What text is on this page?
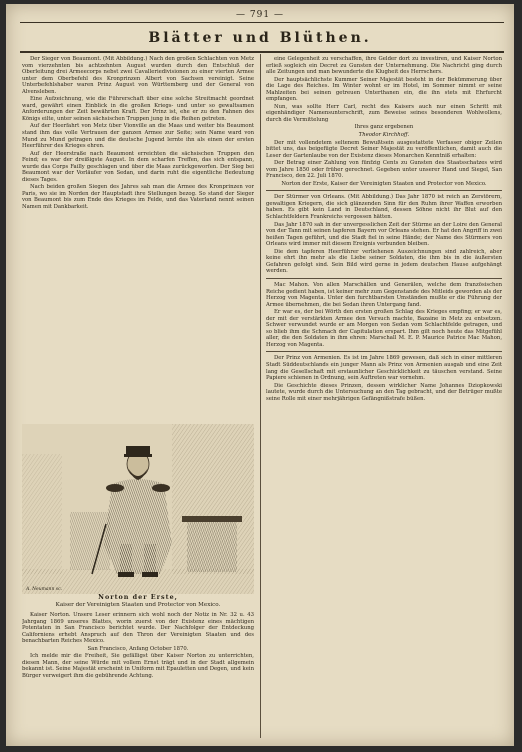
— 791 —
Blätter und Blüthen.

Der Sieger von Beaumont. (Mit Abbildung.) Nach den großen Schlachten von Metz vom vierzehnten bis achtzehnten August wurden durch den Entschluß der Oberleitung drei Armeecorps nebst zwei Cavalleriedivisionen zu einer vierten Armee unter dem Oberbefehl des Kronprinzen Albert von Sachsen vereinigt. Seine Unterbefehlshaber waren Prinz August von Württemberg und der General von Alvensleben.

Eine Aufzeichnung, wie die Führerschaft über eine solche Streitmacht geordnet ward, gewährt einen Einblick in die großen Kriegs- und unter so gewaltsamen Anforderungen der Zeit bewährten Kraft. Der Prinz ist, ehe er zu den Fahnen des Königs eilte, unter seinen sächsischen Truppen jung in die Reihen getreten.

Auf der Heerfahrt von Metz über Vionville an die Maas und weiter bis Beaumont stand ihm das volle Vertrauen der ganzen Armee zur Seite; sein Name ward von Mund zu Mund getragen und die deutsche Jugend lernte ihn als einen der ersten Heerführer des Krieges ehren.

Auf der Heerstraße nach Beaumont erreichten die sächsischen Truppen den Feind; es war der dreißigste August. In dem scharfen Treffen, das sich entspann, wurde das Corps Failly geschlagen und über die Maas zurückgeworfen. Der Sieg bei Beaumont war der Vorläufer von Sedan, und darin ruht die eigentliche Bedeutung dieses Tages.

Nach beiden großen Siegen des Jahres sah man die Armee des Kronprinzen vor Paris, wo sie im Norden der Hauptstadt ihre Stellungen bezog. So stand der Sieger von Beaumont bis zum Ende des Krieges im Felde, und das Vaterland nennt seinen Namen mit Dankbarkeit.

A. Neumann sc.
Norton der Erste,
Kaiser der Vereinigten Staaten und Protector von Mexico.

Kaiser Norton. Unsere Leser erinnern sich wohl noch der Notiz in Nr. 32 u. 43 Jahrgang 1869 unseres Blattes, worin zuerst von der Existenz eines mächtigen Potentaten in San Francisco berichtet wurde. Der Nachfolger der Entdeckung Californiens erhebt Anspruch auf den Thron der Vereinigten Staaten und des benachbarten Reiches Mexico.

San Francisco, Anfang October 1870.

Ich melde mir die Freiheit, Sie gefälligst über Kaiser Norton zu unterrichten, diesen Mann, der seine Würde mit vollem Ernst trägt und in der Stadt allgemein bekannt ist. Seine Majestät erscheint in Uniform mit Epauletten und Degen, und kein Bürger verweigert ihm die gebührende Achtung.

eine Gelegenheit zu verschaffen, ihre Gelder dort zu investiren, und Kaiser Norton erließ sogleich ein Decret zu Gunsten der Unternehmung. Die Nachricht ging durch alle Zeitungen und man bewunderte die Klugheit des Herrschers.

Der hauptsächlichste Kummer Seiner Majestät besteht in der Bekümmerung über die Lage des Reiches. Im Winter wohnt er im Hotel, im Sommer nimmt er seine Mahlzeiten bei seinen getreuen Unterthanen ein, die ihn stets mit Ehrfurcht empfangen.

Nun, was sollte Herr Carl, recht des Kaisers auch nur einen Schritt mit eigenhändiger Namensunterschrift, zum Beweise seines besonderen Wohlwollens, durch die Vermittelung

Ihres ganz ergebenen

Theodor Kirchhoff.

Der mit vollendetem seltenem Bewußtsein ausgestattete Verfasser obiger Zeilen bittet uns, das beigefügte Decret Seiner Majestät zu veröffentlichen, damit auch die Leser der Gartenlaube von der Existenz dieses Monarchen Kenntniß erhalten:

Der Betrag einer Zahlung von fünfzig Cents zu Gunsten des Staatsschatzes wird vom Jahre 1850 oder früher gerechnet. Gegeben unter unserer Hand und Siegel, San Francisco, den 22. Juli 1870.

Norton der Erste, Kaiser der Vereinigten Staaten und Protector von Mexico.

Der Stürmer von Orleans. (Mit Abbildung.) Das Jahr 1870 ist reich an Zerstörern, gewaltigen Kriegern, die sich glänzenden Sinn für den Ruhm ihrer Waffen erworben haben. Es gibt kein Land in Deutschland, dessen Söhne nicht ihr Blut auf den Schlachtfeldern Frankreichs vergossen hätten.

Das Jahr 1870 sah in der unvergesslichen Zeit der Stürme an der Loire den General von der Tann mit seinen tapferen Bayern vor Orleans stehen. Er hat den Angriff in zwei heißen Tagen geführt, und die Stadt fiel in seine Hände; der Name des Stürmers von Orleans wird immer mit diesem Ereignis verbunden bleiben.

Die dem tapferen Heerführer verliehenen Auszeichnungen sind zahlreich, aber keine ehrt ihn mehr als die Liebe seiner Soldaten, die ihm bis in die äußersten Gefahren gefolgt sind. Sein Bild wird gerne in jedem deutschen Hause aufgehängt werden.

Mac Mahon. Von allen Marschällen und Generälen, welche dem französischen Reiche gedient haben, ist keiner mehr zum Gegenstande des Mitleids geworden als der Herzog von Magenta. Unter den furchtbarsten Umständen mußte er die Führung der Armee übernehmen, die bei Sedan ihren Untergang fand.

Er war es, der bei Wörth den ersten großen Schlag des Krieges empfing; er war es, der mit der verstärkten Armee den Versuch machte, Bazaine in Metz zu entsetzen. Schwer verwundet wurde er am Morgen von Sedan vom Schlachtfelde getragen, und so blieb ihm die Schmach der Capitulation erspart. Ihm gilt noch heute das Mitgefühl aller, die den Soldaten in ihm ehren: Marschall M. E. P. Maurice Patrice Mac Mahon, Herzog von Magenta.

Der Prinz von Armenien. Es ist im Jahre 1869 gewesen, daß sich in einer mittleren Stadt Süddeutschlands ein junger Mann als Prinz von Armenien ausgab und eine Zeit lang die Gesellschaft mit erstaunlicher Geschicklichkeit zu täuschen verstand. Seine Papiere schienen in Ordnung, sein Auftreten war vornehm.

Die Geschichte dieses Prinzen, dessen wirklicher Name Johannes Dziopkowski lautete, wurde durch die Untersuchung an den Tag gebracht, und der Betrüger mußte seine Rolle mit einer mehrjährigen Gefängnißstrafe büßen.
